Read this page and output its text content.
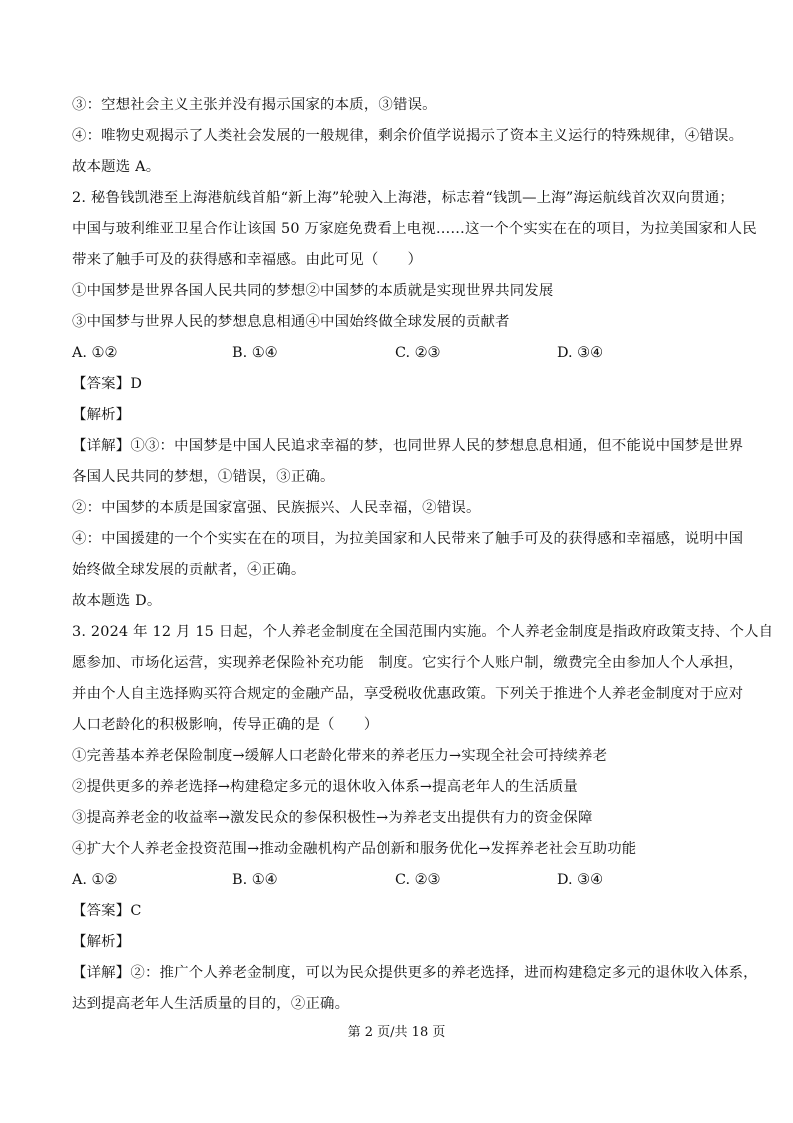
③：空想社会主义主张并没有揭示国家的本质，③错误。
④：唯物史观揭示了人类社会发展的一般规律，剩余价值学说揭示了资本主义运行的特殊规律，④错误。
故本题选 A。
2. 秘鲁钱凯港至上海港航线首船“新上海”轮驶入上海港，标志着“钱凯—上海”海运航线首次双向贯通；
中国与玻利维亚卫星合作让该国 50 万家庭免费看上电视……这一个个实实在在的项目，为拉美国家和人民
带来了触手可及的获得感和幸福感。由此可见（　　）
①中国梦是世界各国人民共同的梦想②中国梦的本质就是实现世界共同发展
③中国梦与世界人民的梦想息息相通④中国始终做全球发展的贡献者
A. ①②	B. ①④	C. ②③	D. ③④
【答案】D
【解析】
【详解】①③：中国梦是中国人民追求幸福的梦，也同世界人民的梦想息息相通，但不能说中国梦是世界
各国人民共同的梦想，①错误，③正确。
②：中国梦的本质是国家富强、民族振兴、人民幸福，②错误。
④：中国援建的一个个实实在在的项目，为拉美国家和人民带来了触手可及的获得感和幸福感，说明中国
始终做全球发展的贡献者，④正确。
故本题选 D。
3. 2024 年 12 月 15 日起，个人养老金制度在全国范围内实施。个人养老金制度是指政府政策支持、个人自
愿参加、市场化运营，实现养老保险补充功能　制度。它实行个人账户制，缴费完全由参加人个人承担，
并由个人自主选择购买符合规定的金融产品，享受税收优惠政策。下列关于推进个人养老金制度对于应对
人口老龄化的积极影响，传导正确的是（　　）
①完善基本养老保险制度→缓解人口老龄化带来的养老压力→实现全社会可持续养老
②提供更多的养老选择→构建稳定多元的退休收入体系→提高老年人的生活质量
③提高养老金的收益率→激发民众的参保积极性→为养老支出提供有力的资金保障
④扩大个人养老金投资范围→推动金融机构产品创新和服务优化→发挥养老社会互助功能
A. ①②	B. ①④	C. ②③	D. ③④
【答案】C
【解析】
【详解】②：推广个人养老金制度，可以为民众提供更多的养老选择，进而构建稳定多元的退休收入体系，
达到提高老年人生活质量的目的，②正确。
第 2 页/共 18 页
